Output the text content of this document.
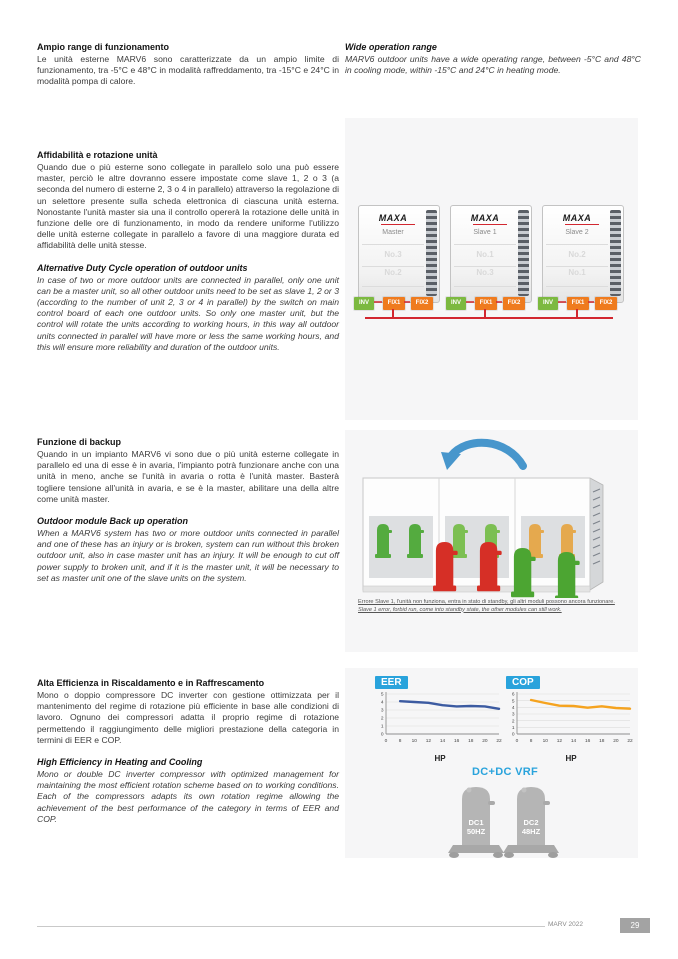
Ampio range di funzionamento
Le unità esterne MARV6 sono caratterizzate da un ampio limite di funzionamento, tra -5°C e 48°C in modalità raffreddamento, tra -15°C e 24°C in modalità pompa di calore.
Wide operation range
MARV6 outdoor units have a wide operating range, between -5°C and 48°C in cooling mode, within -15°C and 24°C in heating mode.
Affidabilità e rotazione unità
Quando due o più esterne sono collegate in parallelo solo una può essere master, perciò le altre dovranno essere impostate come slave 1, 2 o 3 (a seconda del numero di esterne 2, 3 o 4 in parallelo) attraverso la regolazione di un selettore presente sulla scheda elettronica di ciascuna unità esterna. Nonostante l'unità master sia una il controllo opererà la rotazione delle unità in funzione delle ore di funzionamento, in modo da rendere uniforme l'utilizzo delle unità esterne collegate in parallelo a favore di una maggiore durata ed affidabilità delle unità stesse.
Alternative Duty Cycle operation of outdoor units
In case of two or more outdoor units are connected in parallel, only one unit can be a master unit, so all other outdoor units need to be set as slave 1, 2 or 3 (according to the number of unit 2, 3 or 4 in parallel) by the switch on main control board of each one outdoor units. So only one master unit, but the control will rotate the units according to working hours, in this way all outdoor units connected in parallel will have more or less the same working hours, and this will ensure more reliability and duration of the outdoor units.
MAXA
Master
No.3
No.2
INV	FIX1	FIX2
MAXA
Slave 1
No.1
No.3
INV	FIX1	FIX2
MAXA
Slave 2
No.2
No.1
INV	FIX1	FIX2
Funzione di backup
Quando in un impianto MARV6 vi sono due o più unità esterne collegate in parallelo ed una di esse è in avaria, l'impianto potrà funzionare anche con una unità in meno, anche se l'unità in avaria o rotta è l'unità master. Basterà togliere tensione all'unità in avaria, e se è la master, abilitare una della altre come unità master.
Outdoor module Back up operation
When a MARV6 system has two or more outdoor units connected in parallel and one of these has an injury or is broken, system can run without this broken outdoor unit, also in case master unit has an injury. It will be enough to cut off power supply to broken unit, and if it is the master unit, it will be necessary to set as master unit one of the slave units on the system.
Errore Slave 1, l'unità non funziona, entra in stato di standby, gli altri moduli possono ancora funzionare.
Slave 1 error, forbid run, come into standby state, the other modules can still work.
Alta Efficienza in Riscaldamento e in Raffrescamento
Mono o doppio compressore DC inverter con gestione ottimizzata per il mantenimento del regime di rotazione più efficiente in base alle condizioni di lavoro. Ognuno dei compressori adatta il proprio regime di rotazione permettendo il raggiungimento delle migliori prestazione della categoria in termini di EER e COP.
High Efficiency in Heating and Cooling
Mono or double DC inverter compressor with optimized management for maintaining the most efficient rotation scheme based on to working conditions. Each of the compressors adapts its own rotation regime allowing the achievement of the best performance of the category in terms of EER and COP.
EER
0
1
2
3
4
5
0 8 10 12 14 16 18 20 22
HP
COP
0
1
2
3
4
5
6
0 8 10 12 14 16 18 20 22
HP
DC+DC VRF
DC1
50HZ
DC2
48HZ
MARV 2022	29
